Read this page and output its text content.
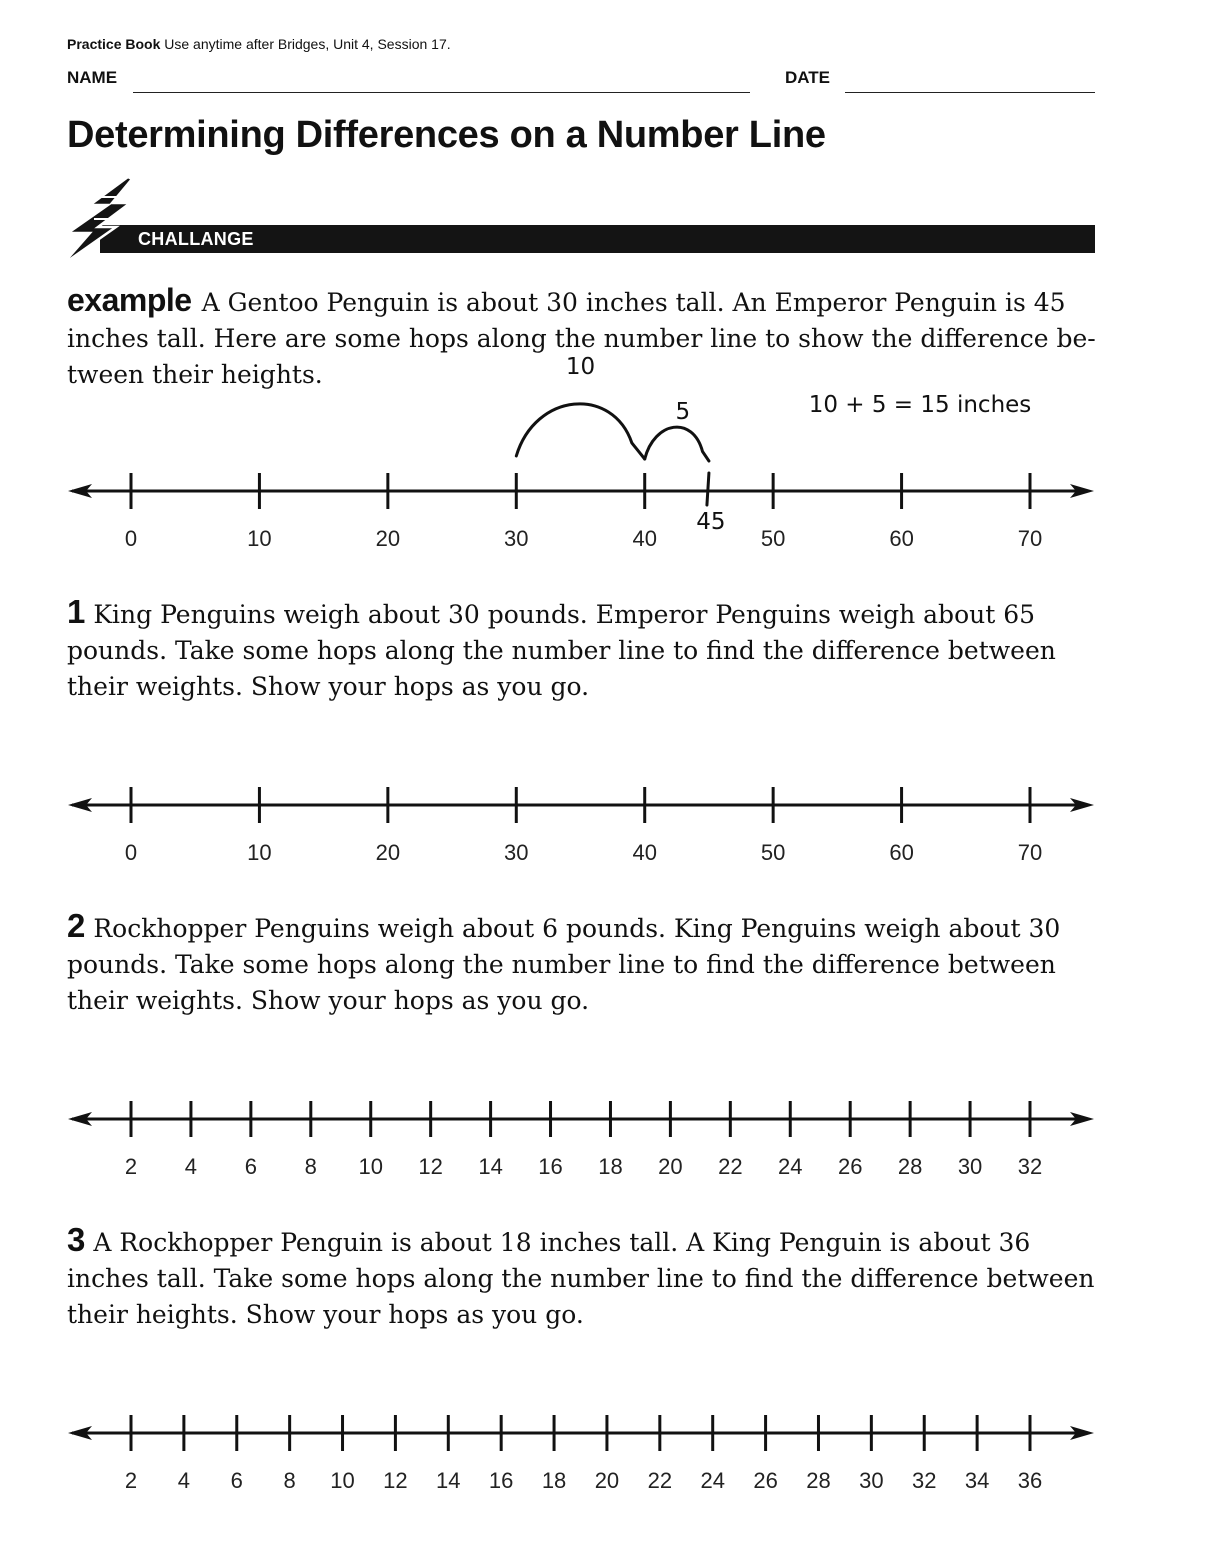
Practice Book Use anytime after Bridges, Unit 4, Session 17.
NAME	DATE
Determining Differences on a Number Line
CHALLANGE
example A Gentoo Penguin is about 30 inches tall. An Emperor Penguin is 45 inches tall. Here are some hops along the number line to show the difference be-tween their heights.
0	10	20	30	40	50	60	70
10
5
45
10 + 5 = 15 inches
1 King Penguins weigh about 30 pounds. Emperor Penguins weigh about 65 pounds. Take some hops along the number line to find the difference between their weights. Show your hops as you go.
0	10	20	30	40	50	60	70
2 Rockhopper Penguins weigh about 6 pounds. King Penguins weigh about 30 pounds. Take some hops along the number line to find the difference between their weights. Show your hops as you go.
2 4 6 8 10 12 14 16 18 20 22 24 26 28 30 32
3 A Rockhopper Penguin is about 18 inches tall. A King Penguin is about 36 inches tall. Take some hops along the number line to find the difference between their heights. Show your hops as you go.
2 4 6 8 10 12 14 16 18 20 22 24 26 28 30 32 34 36
